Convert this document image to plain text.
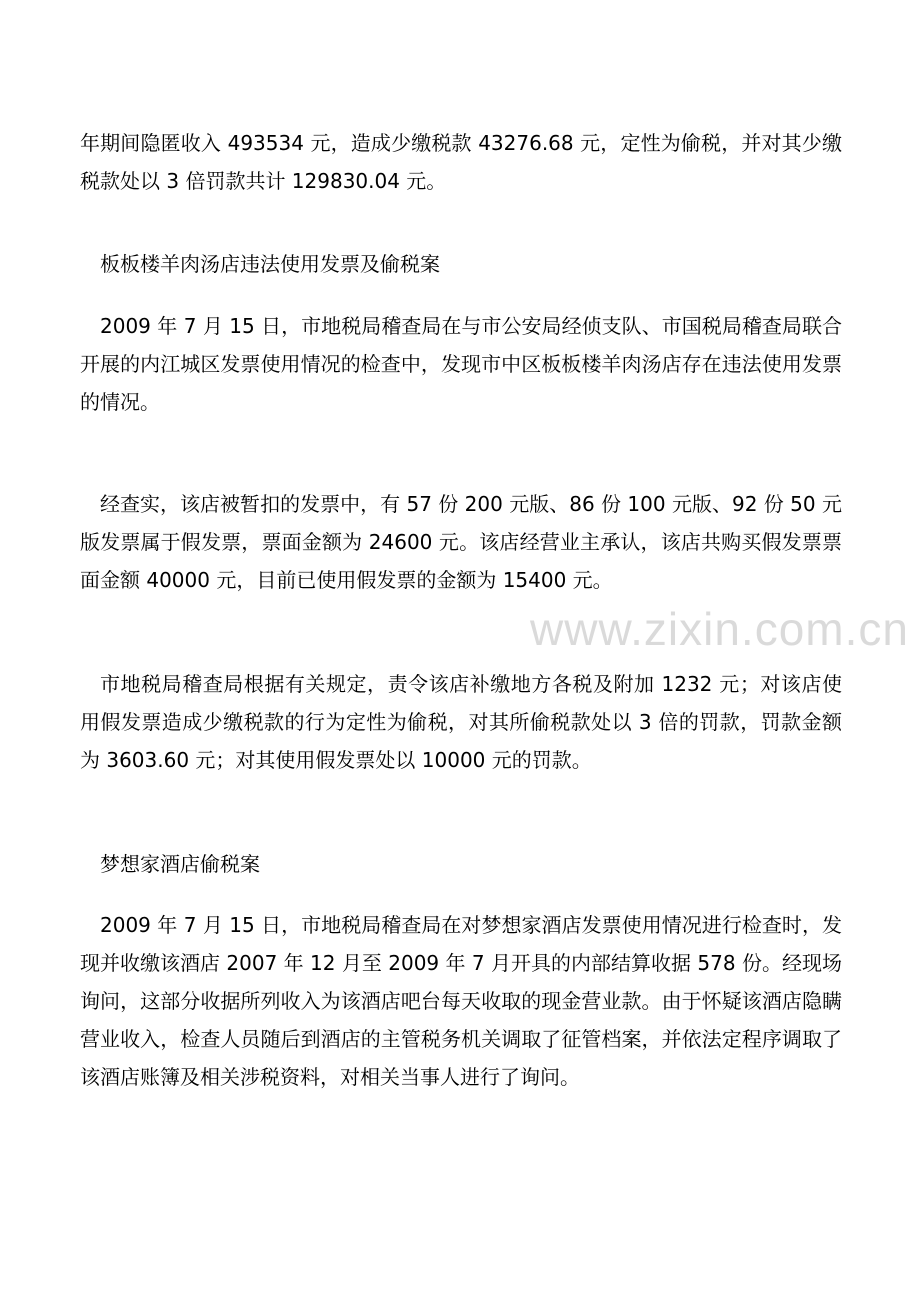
年期间隐匿收入 493534 元，造成少缴税款 43276.68 元，定性为偷税，并对其少缴税款处以 3 倍罚款共计 129830.04 元。

板板楼羊肉汤店违法使用发票及偷税案

2009 年 7 月 15 日，市地税局稽查局在与市公安局经侦支队、市国税局稽查局联合开展的内江城区发票使用情况的检查中，发现市中区板板楼羊肉汤店存在违法使用发票的情况。

经查实，该店被暂扣的发票中，有 57 份 200 元版、86 份 100 元版、92 份 50 元版发票属于假发票，票面金额为 24600 元。该店经营业主承认，该店共购买假发票票面金额 40000 元，目前已使用假发票的金额为 15400 元。

市地税局稽查局根据有关规定，责令该店补缴地方各税及附加 1232 元；对该店使用假发票造成少缴税款的行为定性为偷税，对其所偷税款处以 3 倍的罚款，罚款金额为 3603.60 元；对其使用假发票处以 10000 元的罚款。

梦想家酒店偷税案

2009 年 7 月 15 日，市地税局稽查局在对梦想家酒店发票使用情况进行检查时，发现并收缴该酒店 2007 年 12 月至 2009 年 7 月开具的内部结算收据 578 份。经现场询问，这部分收据所列收入为该酒店吧台每天收取的现金营业款。由于怀疑该酒店隐瞒营业收入，检查人员随后到酒店的主管税务机关调取了征管档案，并依法定程序调取了该酒店账簿及相关涉税资料，对相关当事人进行了询问。

www.zixin.com.cn
